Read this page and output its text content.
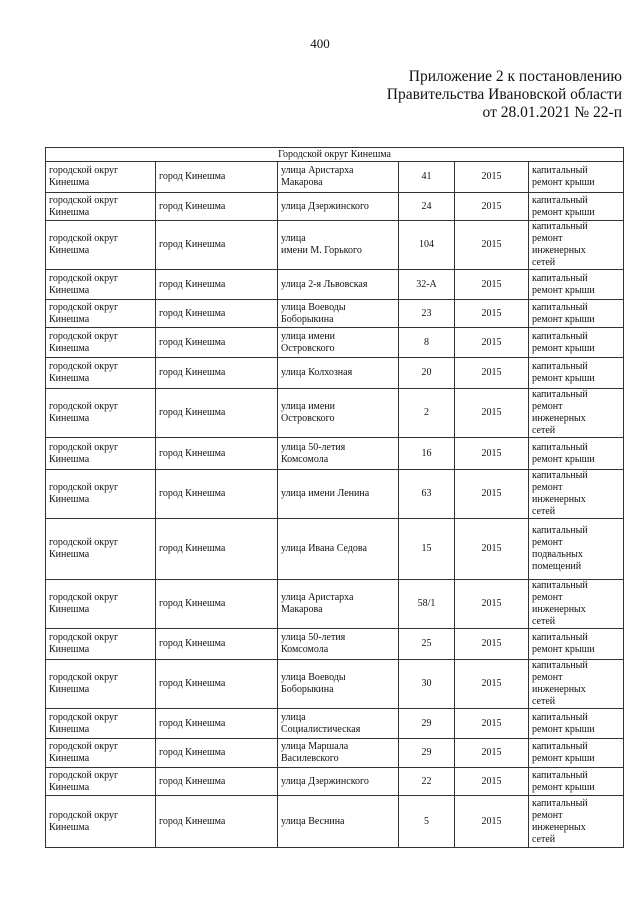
400
Приложение 2 к постановлению
Правительства Ивановской области
от 28.01.2021 № 22-п
Городской округ Кинешма					
городской округ
Кинешма	город Кинешма	улица Аристарха
Макарова	41	2015	капитальный
ремонт крыши
городской округ
Кинешма	город Кинешма	улица Дзержинского	24	2015	капитальный
ремонт крыши
городской округ
Кинешма	город Кинешма	улица
имени М. Горького	104	2015	капитальный
ремонт
инженерных
сетей
городской округ
Кинешма	город Кинешма	улица 2-я Львовская	32-А	2015	капитальный
ремонт крыши
городской округ
Кинешма	город Кинешма	улица Воеводы
Боборыкина	23	2015	капитальный
ремонт крыши
городской округ
Кинешма	город Кинешма	улица имени
Островского	8	2015	капитальный
ремонт крыши
городской округ
Кинешма	город Кинешма	улица Колхозная	20	2015	капитальный
ремонт крыши
городской округ
Кинешма	город Кинешма	улица имени
Островского	2	2015	капитальный
ремонт
инженерных
сетей
городской округ
Кинешма	город Кинешма	улица 50-летия
Комсомола	16	2015	капитальный
ремонт крыши
городской округ
Кинешма	город Кинешма	улица имени Ленина	63	2015	капитальный
ремонт
инженерных
сетей
городской округ
Кинешма	город Кинешма	улица Ивана Седова	15	2015	капитальный
ремонт
подвальных
помещений
городской округ
Кинешма	город Кинешма	улица Аристарха
Макарова	58/1	2015	капитальный
ремонт
инженерных
сетей
городской округ
Кинешма	город Кинешма	улица 50-летия
Комсомола	25	2015	капитальный
ремонт крыши
городской округ
Кинешма	город Кинешма	улица Воеводы
Боборыкина	30	2015	капитальный
ремонт
инженерных
сетей
городской округ
Кинешма	город Кинешма	улица
Социалистическая	29	2015	капитальный
ремонт крыши
городской округ
Кинешма	город Кинешма	улица Маршала
Василевского	29	2015	капитальный
ремонт крыши
городской округ
Кинешма	город Кинешма	улица Дзержинского	22	2015	капитальный
ремонт крыши
городской округ
Кинешма	город Кинешма	улица Веснина	5	2015	капитальный
ремонт
инженерных
сетей
